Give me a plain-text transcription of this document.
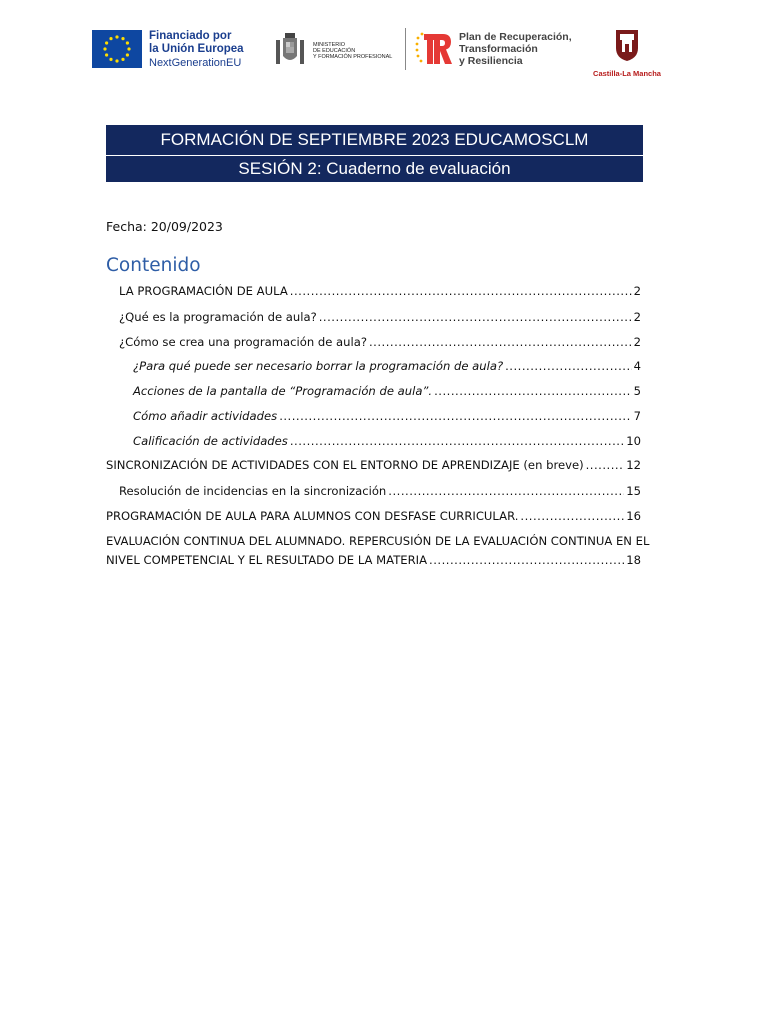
Financiado por
la Unión Europea
NextGenerationEU
MINISTERIO
DE EDUCACIÓN
Y FORMACIÓN PROFESIONAL
Plan de Recuperación,
Transformación
y Resiliencia
Castilla-La Mancha
FORMACIÓN DE SEPTIEMBRE 2023 EDUCAMOSCLM
SESIÓN 2: Cuaderno de evaluación
Fecha: 20/09/2023
Contenido
LA PROGRAMACIÓN DE AULA .....	2
¿Qué es la programación de aula? .....	2
¿Cómo se crea una programación de aula? .....	2
¿Para qué puede ser necesario borrar la programación de aula? .....	4
Acciones de la pantalla de “Programación de aula”. .....	5
Cómo añadir actividades .....	7
Calificación de actividades .....	10
SINCRONIZACIÓN DE ACTIVIDADES CON EL ENTORNO DE APRENDIZAJE (en breve) .....	12
Resolución de incidencias en la sincronización .....	15
PROGRAMACIÓN DE AULA PARA ALUMNOS CON DESFASE CURRICULAR. .....	16
EVALUACIÓN CONTINUA DEL ALUMNADO. REPERCUSIÓN DE LA EVALUACIÓN CONTINUA EN EL
NIVEL COMPETENCIAL Y EL RESULTADO DE LA MATERIA .....	18
